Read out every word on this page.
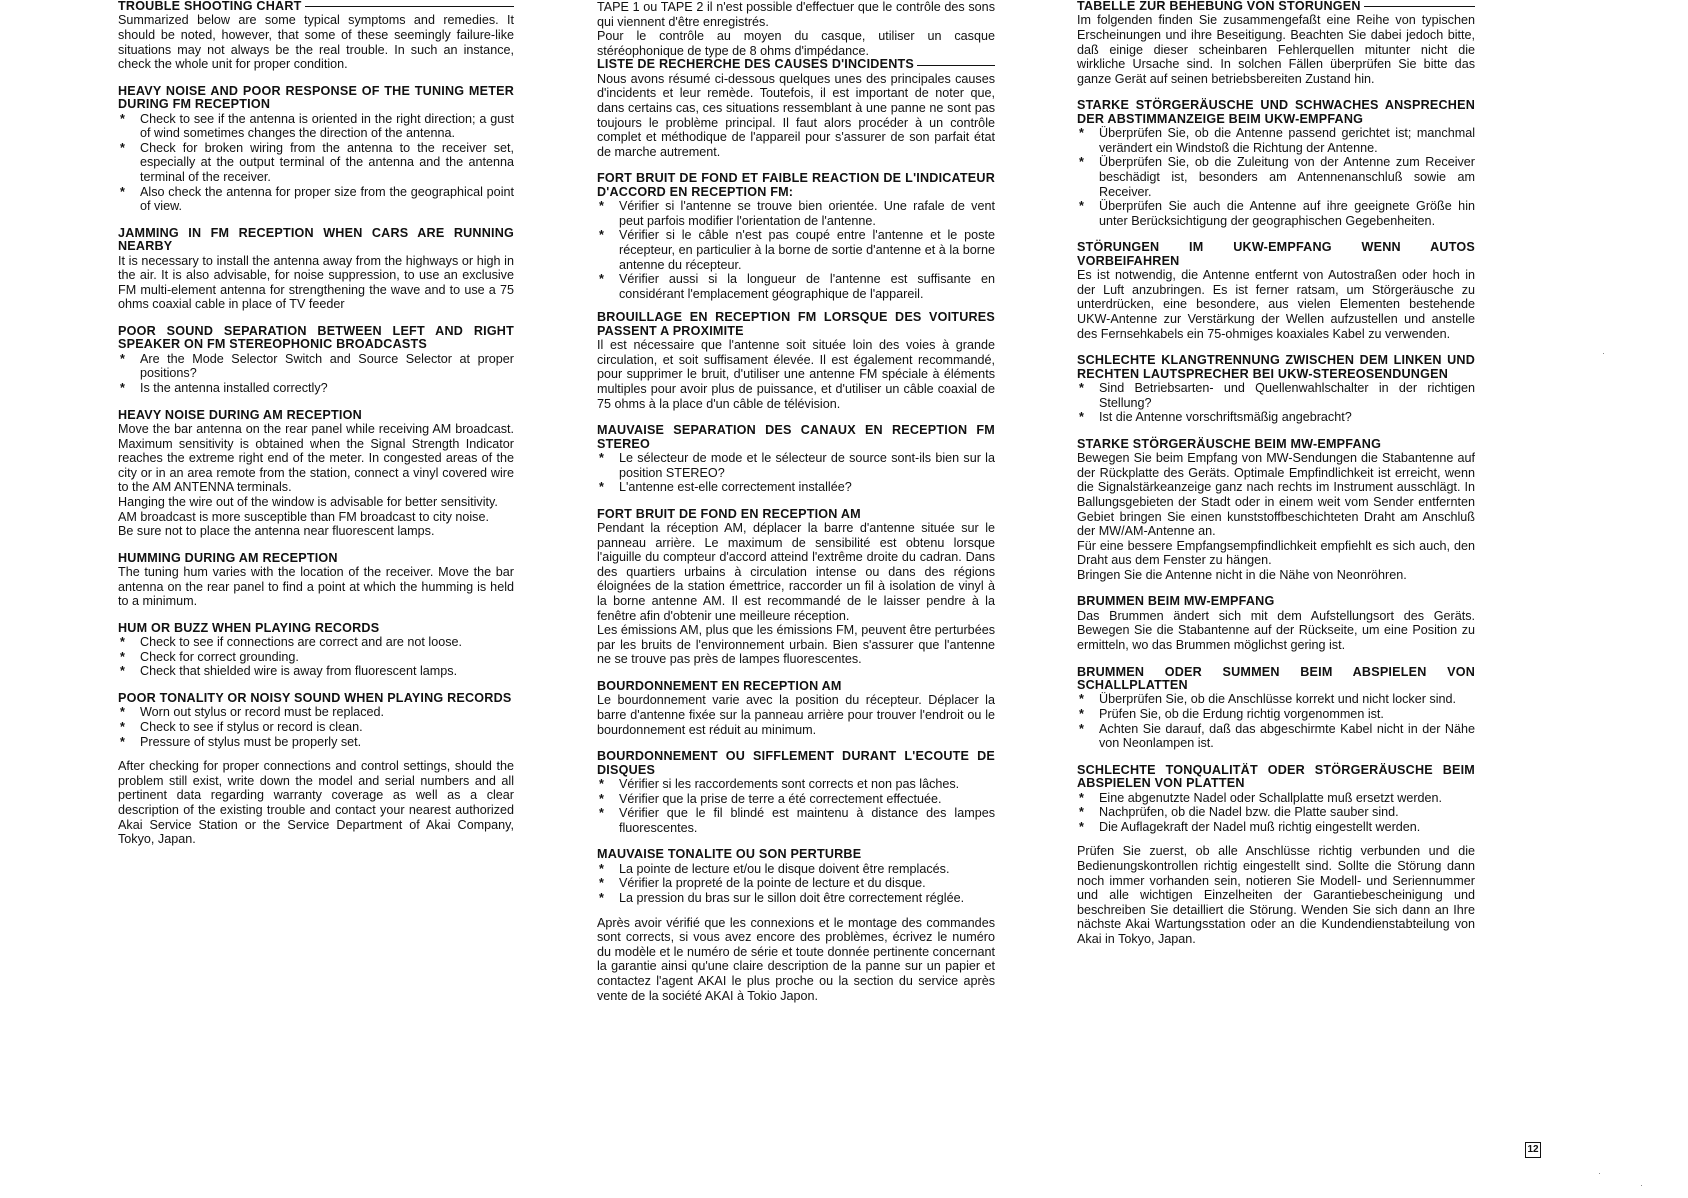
TROUBLE SHOOTING CHART

Summarized below are some typical symptoms and remedies. It should be noted, however, that some of these seemingly failure-like situations may not always be the real trouble. In such an instance, check the whole unit for proper condition.

HEAVY NOISE AND POOR RESPONSE OF THE TUNING METER DURING FM RECEPTION
* Check to see if the antenna is oriented in the right direction; a gust of wind sometimes changes the direction of the antenna.
* Check for broken wiring from the antenna to the receiver set, especially at the output terminal of the antenna and the antenna terminal of the receiver.
* Also check the antenna for proper size from the geographical point of view.
JAMMING IN FM RECEPTION WHEN CARS ARE RUNNING NEARBY

It is necessary to install the antenna away from the highways or high in the air. It is also advisable, for noise suppression, to use an exclusive FM multi-element antenna for strengthening the wave and to use a 75 ohms coaxial cable in place of TV feeder

POOR SOUND SEPARATION BETWEEN LEFT AND RIGHT SPEAKER ON FM STEREOPHONIC BROADCASTS
* Are the Mode Selector Switch and Source Selector at proper positions?
* Is the antenna installed correctly?
HEAVY NOISE DURING AM RECEPTION

Move the bar antenna on the rear panel while receiving AM broadcast. Maximum sensitivity is obtained when the Signal Strength Indicator reaches the extreme right end of the meter. In congested areas of the city or in an area remote from the station, connect a vinyl covered wire to the AM ANTENNA terminals.

Hanging the wire out of the window is advisable for better sensitivity.

AM broadcast is more susceptible than FM broadcast to city noise.

Be sure not to place the antenna near fluorescent lamps.

HUMMING DURING AM RECEPTION

The tuning hum varies with the location of the receiver. Move the bar antenna on the rear panel to find a point at which the humming is held to a minimum.

HUM OR BUZZ WHEN PLAYING RECORDS
* Check to see if connections are correct and are not loose.
* Check for correct grounding.
* Check that shielded wire is away from fluorescent lamps.
POOR TONALITY OR NOISY SOUND WHEN PLAYING RECORDS
* Worn out stylus or record must be replaced.
* Check to see if stylus or record is clean.
* Pressure of stylus must be properly set.

After checking for proper connections and control settings, should the problem still exist, write down the model and serial numbers and all pertinent data regarding warranty coverage as well as a clear description of the existing trouble and contact your nearest authorized Akai Service Station or the Service Department of Akai Company, Tokyo, Japan.

TAPE 1 ou TAPE 2 il n'est possible d'effectuer que le contrôle des sons qui viennent d'être enregistrés.

Pour le contrôle au moyen du casque, utiliser un casque stéréophonique de type de 8 ohms d'impédance.

LISTE DE RECHERCHE DES CAUSES D'INCIDENTS

Nous avons résumé ci-dessous quelques unes des principales causes d'incidents et leur remède. Toutefois, il est important de noter que, dans certains cas, ces situations ressemblant à une panne ne sont pas toujours le problème principal. Il faut alors procéder à un contrôle complet et méthodique de l'appareil pour s'assurer de son parfait état de marche autrement.

FORT BRUIT DE FOND ET FAIBLE REACTION DE L'INDICATEUR D'ACCORD EN RECEPTION FM:
* Vérifier si l'antenne se trouve bien orientée. Une rafale de vent peut parfois modifier l'orientation de l'antenne.
* Vérifier si le câble n'est pas coupé entre l'antenne et le poste récepteur, en particulier à la borne de sortie d'antenne et à la borne antenne du récepteur.
* Vérifier aussi si la longueur de l'antenne est suffisante en considérant l'emplacement géographique de l'appareil.
BROUILLAGE EN RECEPTION FM LORSQUE DES VOITURES PASSENT A PROXIMITE

Il est nécessaire que l'antenne soit située loin des voies à grande circulation, et soit suffisament élevée. Il est également recommandé, pour supprimer le bruit, d'utiliser une antenne FM spéciale à éléments multiples pour avoir plus de puissance, et d'utiliser un câble coaxial de 75 ohms à la place d'un câble de télévision.

MAUVAISE SEPARATION DES CANAUX EN RECEPTION FM STEREO
* Le sélecteur de mode et le sélecteur de source sont-ils bien sur la position STEREO?
* L'antenne est-elle correctement installée?
FORT BRUIT DE FOND EN RECEPTION AM

Pendant la réception AM, déplacer la barre d'antenne située sur le panneau arrière. Le maximum de sensibilité est obtenu lorsque l'aiguille du compteur d'accord atteind l'extrême droite du cadran. Dans des quartiers urbains à circulation intense ou dans des régions éloignées de la station émettrice, raccorder un fil à isolation de vinyl à la borne antenne AM. Il est recommandé de le laisser pendre à la fenêtre afin d'obtenir une meilleure réception.

Les émissions AM, plus que les émissions FM, peuvent être perturbées par les bruits de l'environnement urbain. Bien s'assurer que l'antenne ne se trouve pas près de lampes fluorescentes.

BOURDONNEMENT EN RECEPTION AM

Le bourdonnement varie avec la position du récepteur. Déplacer la barre d'antenne fixée sur la panneau arrière pour trouver l'endroit ou le bourdonnement est réduit au minimum.

BOURDONNEMENT OU SIFFLEMENT DURANT L'ECOUTE DE DISQUES
* Vérifier si les raccordements sont corrects et non pas lâches.
* Vérifier que la prise de terre a été correctement effectuée.
* Vérifier que le fil blindé est maintenu à distance des lampes fluorescentes.
MAUVAISE TONALITE OU SON PERTURBE
* La pointe de lecture et/ou le disque doivent être remplacés.
* Vérifier la propreté de la pointe de lecture et du disque.
* La pression du bras sur le sillon doit être correctement réglée.

Après avoir vérifié que les connexions et le montage des commandes sont corrects, si vous avez encore des problèmes, écrivez le numéro du modèle et le numéro de série et toute donnée pertinente concernant la garantie ainsi qu'une claire description de la panne sur un papier et contactez l'agent AKAI le plus proche ou la section du service après vente de la société AKAI à Tokio Japon.

TABELLE ZUR BEHEBUNG VON STÖRUNGEN

Im folgenden finden Sie zusammengefaßt eine Reihe von typischen Erscheinungen und ihre Beseitigung. Beachten Sie dabei jedoch bitte, daß einige dieser scheinbaren Fehlerquellen mitunter nicht die wirkliche Ursache sind. In solchen Fällen überprüfen Sie bitte das ganze Gerät auf seinen betriebsbereiten Zustand hin.

STARKE STÖRGERÄUSCHE UND SCHWACHES ANSPRECHEN DER ABSTIMMANZEIGE BEIM UKW-EMPFANG
* Überprüfen Sie, ob die Antenne passend gerichtet ist; manchmal verändert ein Windstoß die Richtung der Antenne.
* Überprüfen Sie, ob die Zuleitung von der Antenne zum Receiver beschädigt ist, besonders am Antennenanschluß sowie am Receiver.
* Überprüfen Sie auch die Antenne auf ihre geeignete Größe hin unter Berücksichtigung der geographischen Gegebenheiten.
STÖRUNGEN IM UKW-EMPFANG WENN AUTOS VORBEIFAHREN

Es ist notwendig, die Antenne entfernt von Autostraßen oder hoch in der Luft anzubringen. Es ist ferner ratsam, um Störgeräusche zu unterdrücken, eine besondere, aus vielen Elementen bestehende UKW-Antenne zur Verstärkung der Wellen aufzustellen und anstelle des Fernsehkabels ein 75-ohmiges koaxiales Kabel zu verwenden.

SCHLECHTE KLANGTRENNUNG ZWISCHEN DEM LINKEN UND RECHTEN LAUTSPRECHER BEI UKW-STEREOSENDUNGEN
* Sind Betriebsarten- und Quellenwahlschalter in der richtigen Stellung?
* Ist die Antenne vorschriftsmäßig angebracht?
STARKE STÖRGERÄUSCHE BEIM MW-EMPFANG

Bewegen Sie beim Empfang von MW-Sendungen die Stabantenne auf der Rückplatte des Geräts. Optimale Empfindlichkeit ist erreicht, wenn die Signalstärkeanzeige ganz nach rechts im Instrument ausschlägt. In Ballungsgebieten der Stadt oder in einem weit vom Sender entfernten Gebiet bringen Sie einen kunststoffbeschichteten Draht am Anschluß der MW/AM-Antenne an.

Für eine bessere Empfangsempfindlichkeit empfiehlt es sich auch, den Draht aus dem Fenster zu hängen.

Bringen Sie die Antenne nicht in die Nähe von Neonröhren.

BRUMMEN BEIM MW-EMPFANG

Das Brummen ändert sich mit dem Aufstellungsort des Geräts. Bewegen Sie die Stabantenne auf der Rückseite, um eine Position zu ermitteln, wo das Brummen möglichst gering ist.

BRUMMEN ODER SUMMEN BEIM ABSPIELEN VON SCHALLPLATTEN
* Überprüfen Sie, ob die Anschlüsse korrekt und nicht locker sind.
* Prüfen Sie, ob die Erdung richtig vorgenommen ist.
* Achten Sie darauf, daß das abgeschirmte Kabel nicht in der Nähe von Neonlampen ist.
SCHLECHTE TONQUALITÄT ODER STÖRGERÄUSCHE BEIM ABSPIELEN VON PLATTEN
* Eine abgenutzte Nadel oder Schallplatte muß ersetzt werden.
* Nachprüfen, ob die Nadel bzw. die Platte sauber sind.
* Die Auflagekraft der Nadel muß richtig eingestellt werden.

Prüfen Sie zuerst, ob alle Anschlüsse richtig verbunden und die Bedienungskontrollen richtig eingestellt sind. Sollte die Störung dann noch immer vorhanden sein, notieren Sie Modell- und Seriennummer und alle wichtigen Einzelheiten der Garantiebescheinigung und beschreiben Sie detailliert die Störung. Wenden Sie sich dann an Ihre nächste Akai Wartungsstation oder an die Kundendienstabteilung von Akai in Tokyo, Japan.

12
·
·
·
